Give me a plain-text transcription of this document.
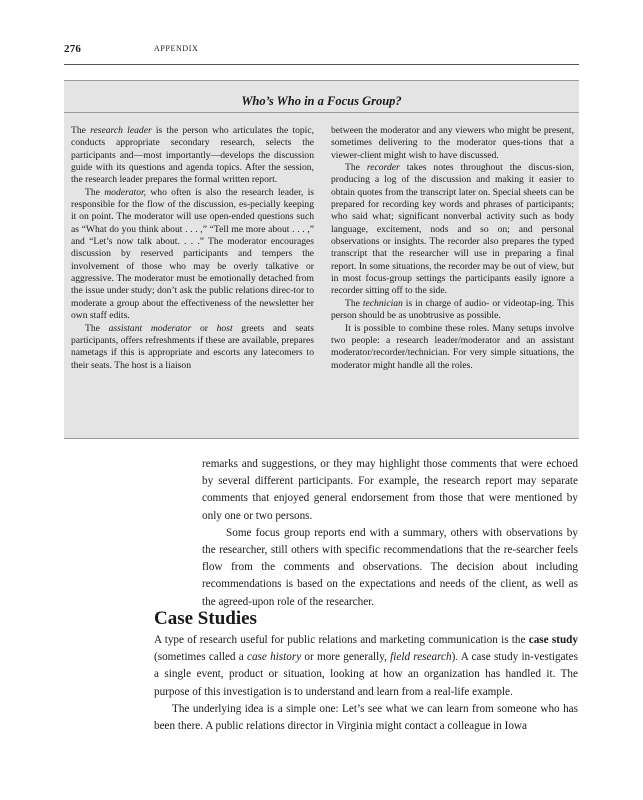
276	APPENDIX
Who’s Who in a Focus Group?

The research leader is the person who articulates the topic, conducts appropriate secondary research, selects the participants and—most importantly—develops the discussion guide with its questions and agenda topics. After the session, the research leader prepares the formal written report.

The moderator, who often is also the research leader, is responsible for the flow of the discussion, es-pecially keeping it on point. The moderator will use open-ended questions such as “What do you think about . . . ,” “Tell me more about . . . ,” and “Let’s now talk about. . . .” The moderator encourages discussion by reserved participants and tempers the involvement of those who may be overly talkative or aggressive. The moderator must be emotionally detached from the issue under study; don’t ask the public relations direc-tor to moderate a group about the effectiveness of the newsletter her own staff edits.

The assistant moderator or host greets and seats participants, offers refreshments if these are available, prepares nametags if this is appropriate and escorts any latecomers to their seats. The host is a liaison

between the moderator and any viewers who might be present, sometimes delivering to the moderator ques-tions that a viewer-client might wish to have discussed.

The recorder takes notes throughout the discus-sion, producing a log of the discussion and making it easier to obtain quotes from the transcript later on. Special sheets can be prepared for recording key words and phrases of participants; who said what; significant nonverbal activity such as body language, excitement, nods and so on; and personal observations or insights. The recorder also prepares the typed transcript that the researcher will use in preparing a final report. In some situations, the recorder may be out of view, but in most focus-group settings the participants easily ignore a recorder sitting off to the side.

The technician is in charge of audio- or videotap-ing. This person should be as unobtrusive as possible.

It is possible to combine these roles. Many setups involve two people: a research leader/moderator and an assistant moderator/recorder/technician. For very simple situations, the moderator might handle all the roles.

remarks and suggestions, or they may highlight those comments that were echoed by several different participants. For example, the research report may separate comments that enjoyed general endorsement from those that were mentioned by only one or two persons.

Some focus group reports end with a summary, others with observations by the researcher, still others with specific recommendations that the re-searcher feels flow from the comments and observations. The decision about including recommendations is based on the expectations and needs of the client, as well as the agreed-upon role of the researcher.

Case Studies

A type of research useful for public relations and marketing communication is the case study (sometimes called a case history or more generally, field research). A case study in-vestigates a single event, product or situation, looking at how an organization has handled it. The purpose of this investigation is to understand and learn from a real-life example.

The underlying idea is a simple one: Let’s see what we can learn from someone who has been there. A public relations director in Virginia might contact a colleague in Iowa
